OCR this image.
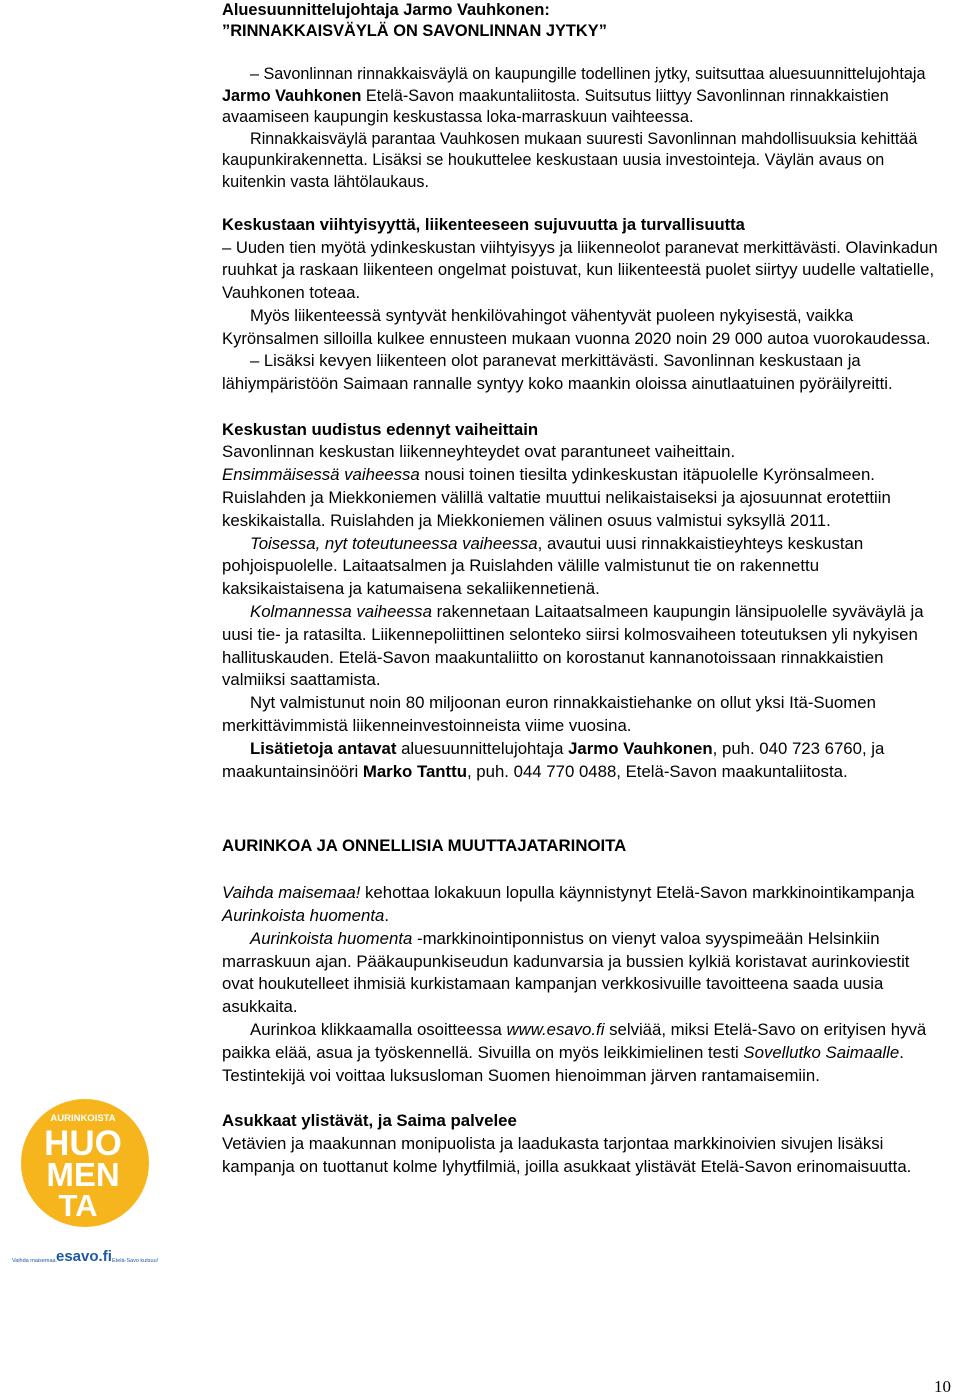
Aluesuunnittelujohtaja Jarmo Vauhkonen:
”RINNAKKAISVÄYLÄ ON SAVONLINNAN JYTKY”

– Savonlinnan rinnakkaisväylä on kaupungille todellinen jytky, suitsuttaa aluesuunnittelujohtaja Jarmo Vauhkonen Etelä-Savon maakuntaliitosta. Suitsutus liittyy Savonlinnan rinnakkaistien avaamiseen kaupungin keskustassa loka-marraskuun vaihteessa.

Rinnakkaisväylä parantaa Vauhkosen mukaan suuresti Savonlinnan mahdollisuuksia kehittää kaupunkirakennetta. Lisäksi se houkuttelee keskustaan uusia investointeja. Väylän avaus on kuitenkin vasta lähtölaukaus.

Keskustaan viihtyisyyttä, liikenteeseen sujuvuutta ja turvallisuutta

– Uuden tien myötä ydinkeskustan viihtyisyys ja liikenneolot paranevat merkittävästi. Olavinkadun ruuhkat ja raskaan liikenteen ongelmat poistuvat, kun liikenteestä puolet siirtyy uudelle valtatielle, Vauhkonen toteaa.

Myös liikenteessä syntyvät henkilövahingot vähentyvät puoleen nykyisestä, vaikka Kyrönsalmen silloilla kulkee ennusteen mukaan vuonna 2020 noin 29 000 autoa vuorokaudessa.

– Lisäksi kevyen liikenteen olot paranevat merkittävästi. Savonlinnan keskustaan ja lähiympäristöön Saimaan rannalle syntyy koko maankin oloissa ainutlaatuinen pyöräilyreitti.

Keskustan uudistus edennyt vaiheittain

Savonlinnan keskustan liikenneyhteydet ovat parantuneet vaiheittain.

Ensimmäisessä vaiheessa nousi toinen tiesilta ydinkeskustan itäpuolelle Kyrönsalmeen. Ruislahden ja Miekkoniemen välillä valtatie muuttui nelikaistaiseksi ja ajosuunnat erotettiin keskikaistalla. Ruislahden ja Miekkoniemen välinen osuus valmistui syksyllä 2011.

Toisessa, nyt toteutuneessa vaiheessa, avautui uusi rinnakkaistieyhteys keskustan pohjoispuolelle. Laitaatsalmen ja Ruislahden välille valmistunut tie on rakennettu kaksikaistaisena ja katumaisena sekaliikennetienä.

Kolmannessa vaiheessa rakennetaan Laitaatsalmeen kaupungin länsipuolelle syväväylä ja uusi tie- ja ratasilta. Liikennepoliittinen selonteko siirsi kolmosvaiheen toteutuksen yli nykyisen hallituskauden. Etelä-Savon maakuntaliitto on korostanut kannanotoissaan rinnakkaistien valmiiksi saattamista.

Nyt valmistunut noin 80 miljoonan euron rinnakkaistiehanke on ollut yksi Itä-Suomen merkittävimmistä liikenneinvestoinneista viime vuosina.

Lisätietoja antavat aluesuunnittelujohtaja Jarmo Vauhkonen, puh. 040 723 6760, ja maakuntainsinööri Marko Tanttu, puh. 044 770 0488, Etelä-Savon maakuntaliitosta.

AURINKOA JA ONNELLISIA MUUTTAJATARINOITA

Vaihda maisemaa! kehottaa lokakuun lopulla käynnistynyt Etelä-Savon markkinointikampanja Aurinkoista huomenta.

Aurinkoista huomenta -markkinointiponnistus on vienyt valoa syyspimeään Helsinkiin marraskuun ajan. Pääkaupunkiseudun kadunvarsia ja bussien kylkiä koristavat aurinkoviestit ovat houkutelleet ihmisiä kurkistamaan kampanjan verkkosivuille tavoitteena saada uusia asukkaita.

Aurinkoa klikkaamalla osoitteessa www.esavo.fi selviää, miksi Etelä-Savo on erityisen hyvä paikka elää, asua ja työskennellä. Sivuilla on myös leikkimielinen testi Sovellutko Saimaalle. Testintekijä voi voittaa luksusloman Suomen hienoimman järven rantamaisemiin.

Asukkaat ylistävät, ja Saima palvelee

Vetävien ja maakunnan monipuolista ja laadukasta tarjontaa markkinoivien sivujen lisäksi kampanja on tuottanut kolme lyhytfilmiä, joilla asukkaat ylistävät Etelä-Savon erinomaisuutta.

AURINKOISTA
HUO
MEN
TA
Vaihda maisemaa.
esavo.fi Etelä-Savo kutsuu!
10
